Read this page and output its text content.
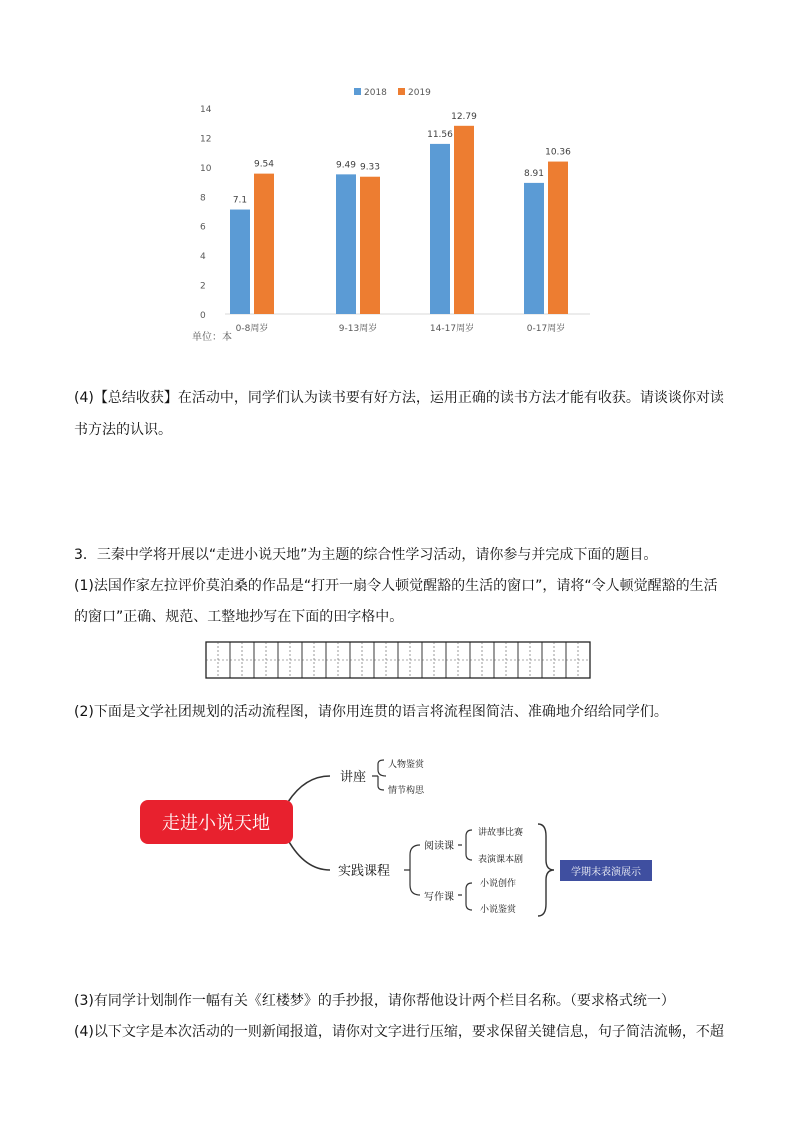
2018 2019
0
2
4
6
8
10
12
14
7.1
9.54	9.49 9.33
11.56
12.79
8.91
10.36
0-8周岁	9-13周岁	14-17周岁	0-17周岁
单位：本
(4)【总结收获】在活动中，同学们认为读书要有好方法，运用正确的读书方法才能有收获。请谈谈你对读
书方法的认识。
3．三秦中学将开展以“走进小说天地”为主题的综合性学习活动，请你参与并完成下面的题目。
(1)法国作家左拉评价莫泊桑的作品是“打开一扇令人顿觉醒豁的生活的窗口”，请将“令人顿觉醒豁的生活
的窗口”正确、规范、工整地抄写在下面的田字格中。
(2)下面是文学社团规划的活动流程图，请你用连贯的语言将流程图简洁、准确地介绍给同学们。
走进小说天地
讲座
人物鉴赏
情节构思
实践课程
阅读课
写作课
讲故事比赛
表演课本剧
小说创作
小说鉴赏
学期末表演展示
(3)有同学计划制作一幅有关《红楼梦》的手抄报，请你帮他设计两个栏目名称。（要求格式统一）
(4)以下文字是本次活动的一则新闻报道，请你对文字进行压缩，要求保留关键信息，句子简洁流畅，不超
